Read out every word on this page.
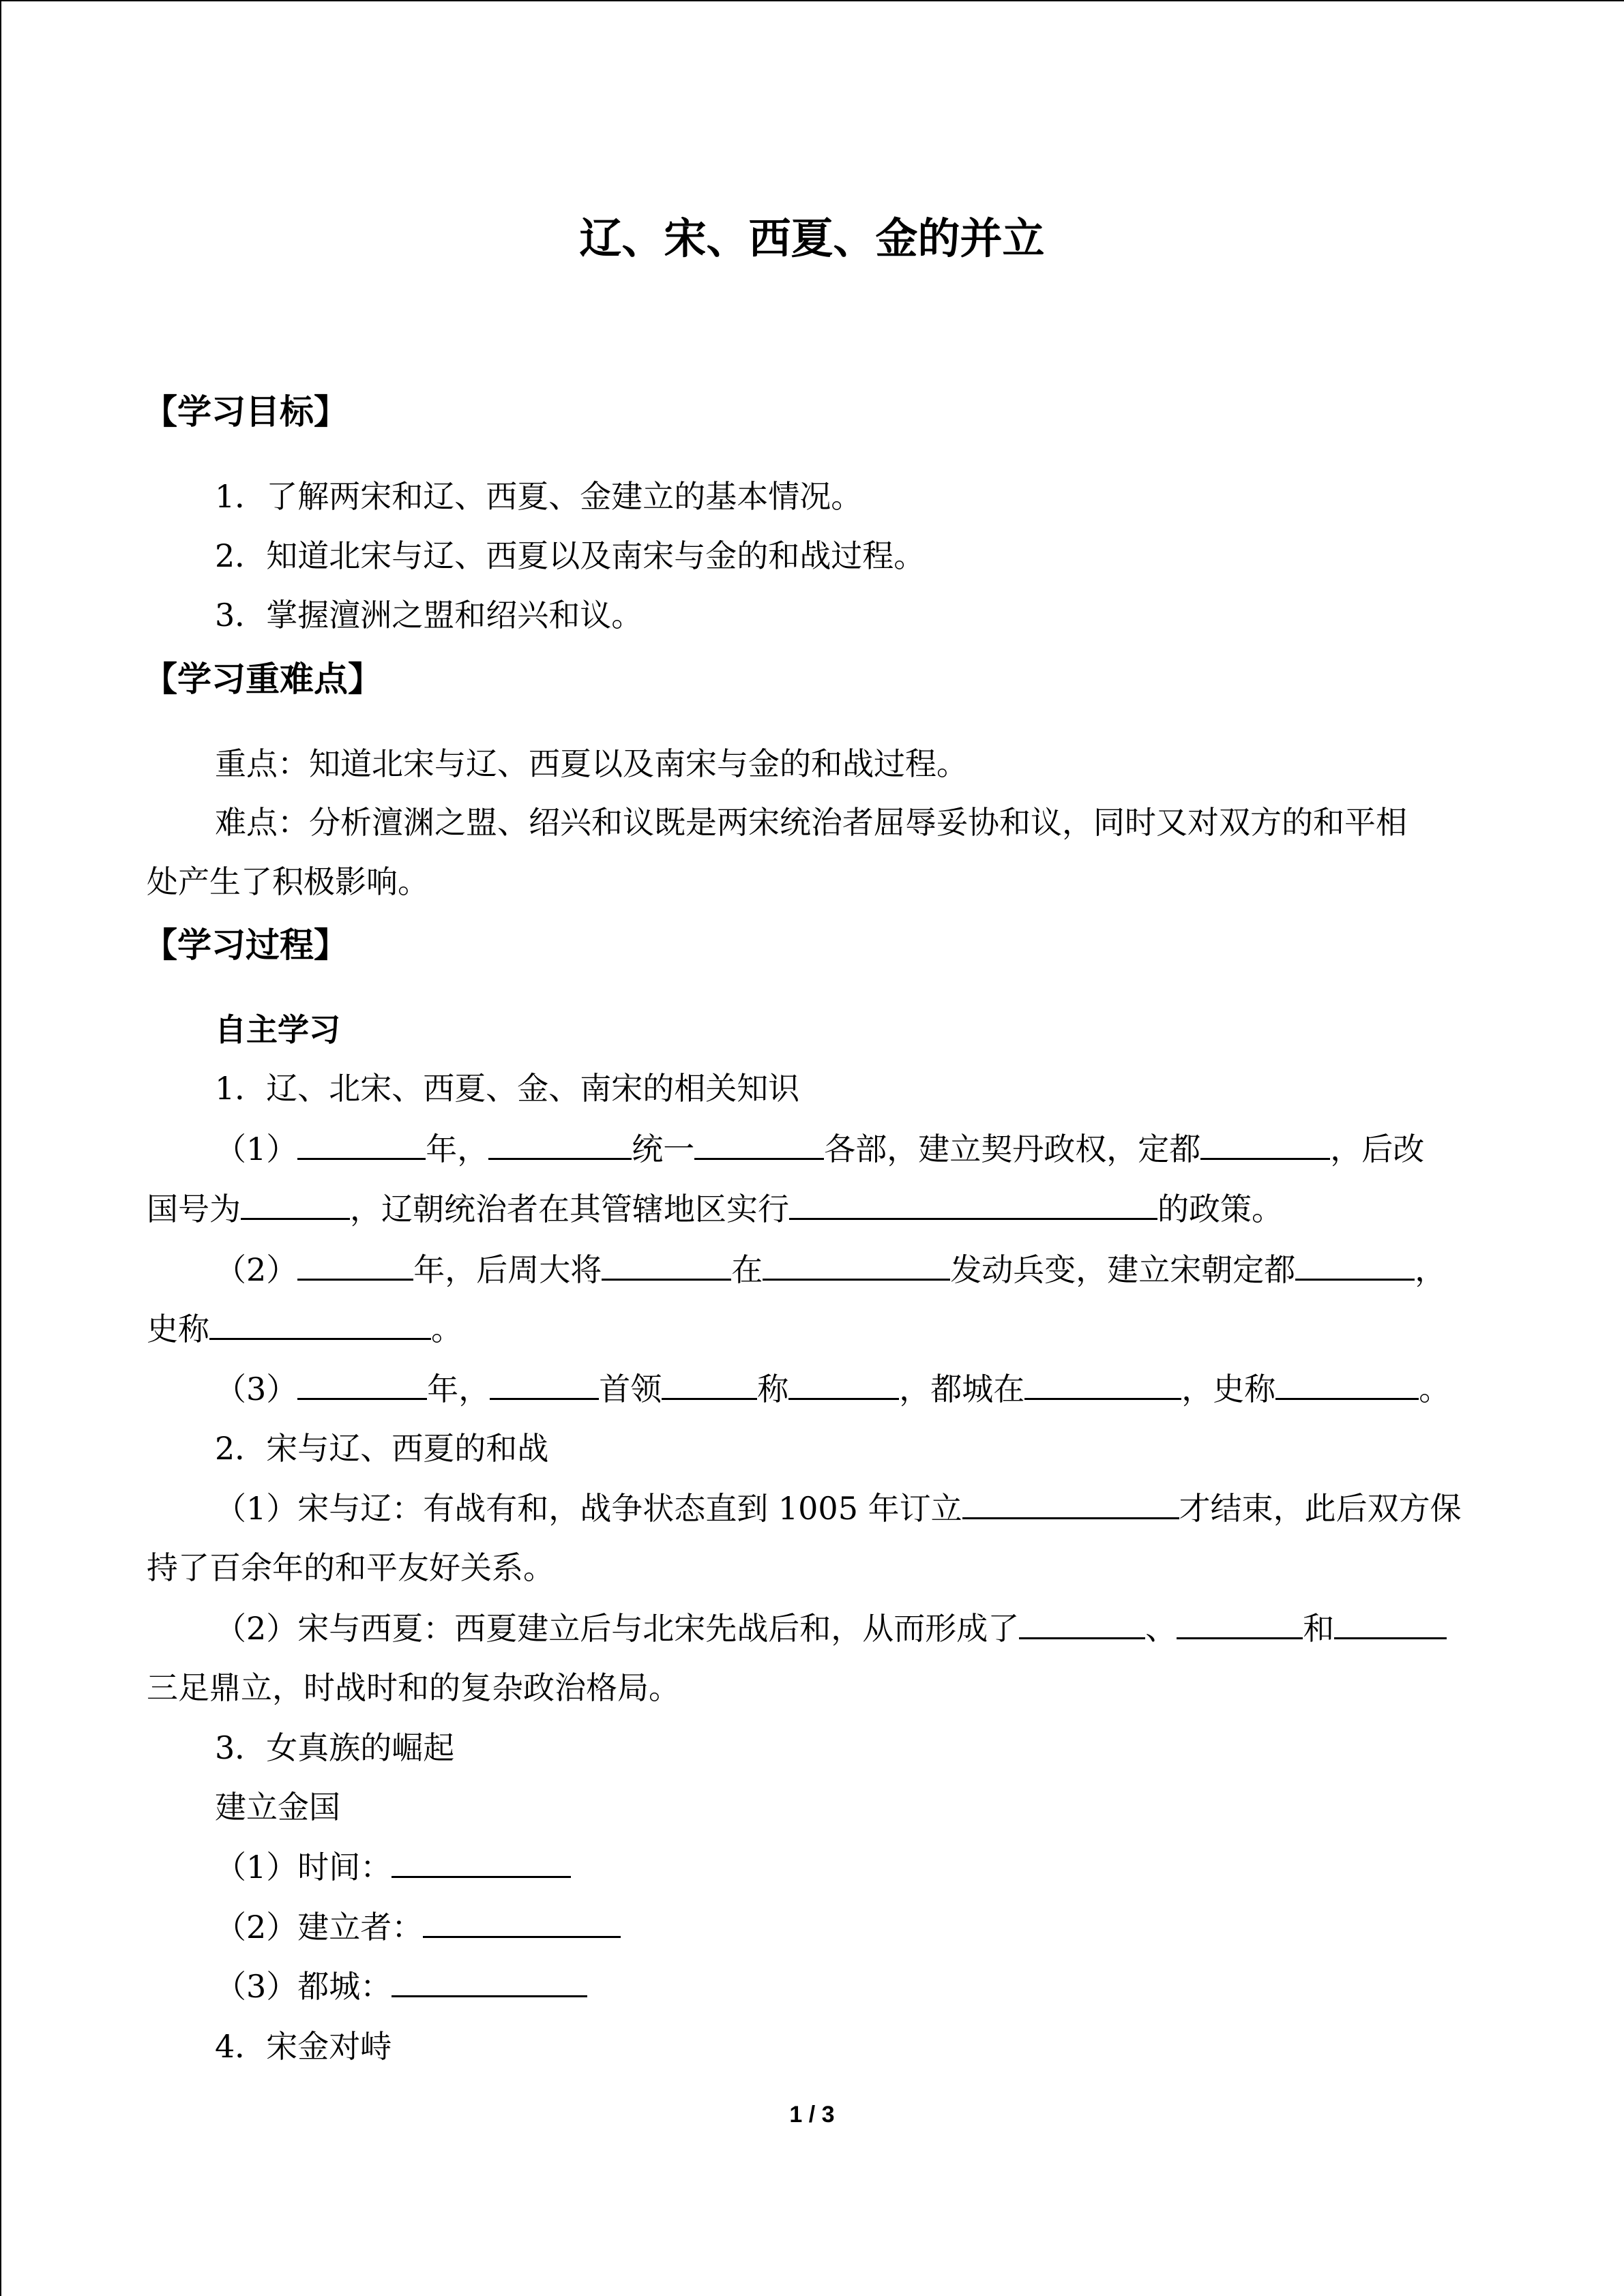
辽、宋、西夏、金的并立
【学习目标】
1．了解两宋和辽、西夏、金建立的基本情况。
2．知道北宋与辽、西夏以及南宋与金的和战过程。
3．掌握澶洲之盟和绍兴和议。
【学习重难点】
重点：知道北宋与辽、西夏以及南宋与金的和战过程。
难点：分析澶渊之盟、绍兴和议既是两宋统治者屈辱妥协和议，同时又对双方的和平相
处产生了积极影响。
【学习过程】
自主学习
1．辽、北宋、西夏、金、南宋的相关知识
（1）	年，	统一	各部，建立契丹政权，定都	，后改
国号为	，辽朝统治者在其管辖地区实行	的政策。
（2）	年，后周大将	在	发动兵变，建立宋朝定都	，
史称	。
（3）	年，	首领	称	，都城在	，史称	。
2．宋与辽、西夏的和战
（1）宋与辽：有战有和，战争状态直到 1005 年订立	才结束，此后双方保
持了百余年的和平友好关系。
（2）宋与西夏：西夏建立后与北宋先战后和，从而形成了	、	和
三足鼎立，时战时和的复杂政治格局。
3．女真族的崛起
建立金国
（1）时间：
（2）建立者：
（3）都城：
4．宋金对峙
1 / 3
